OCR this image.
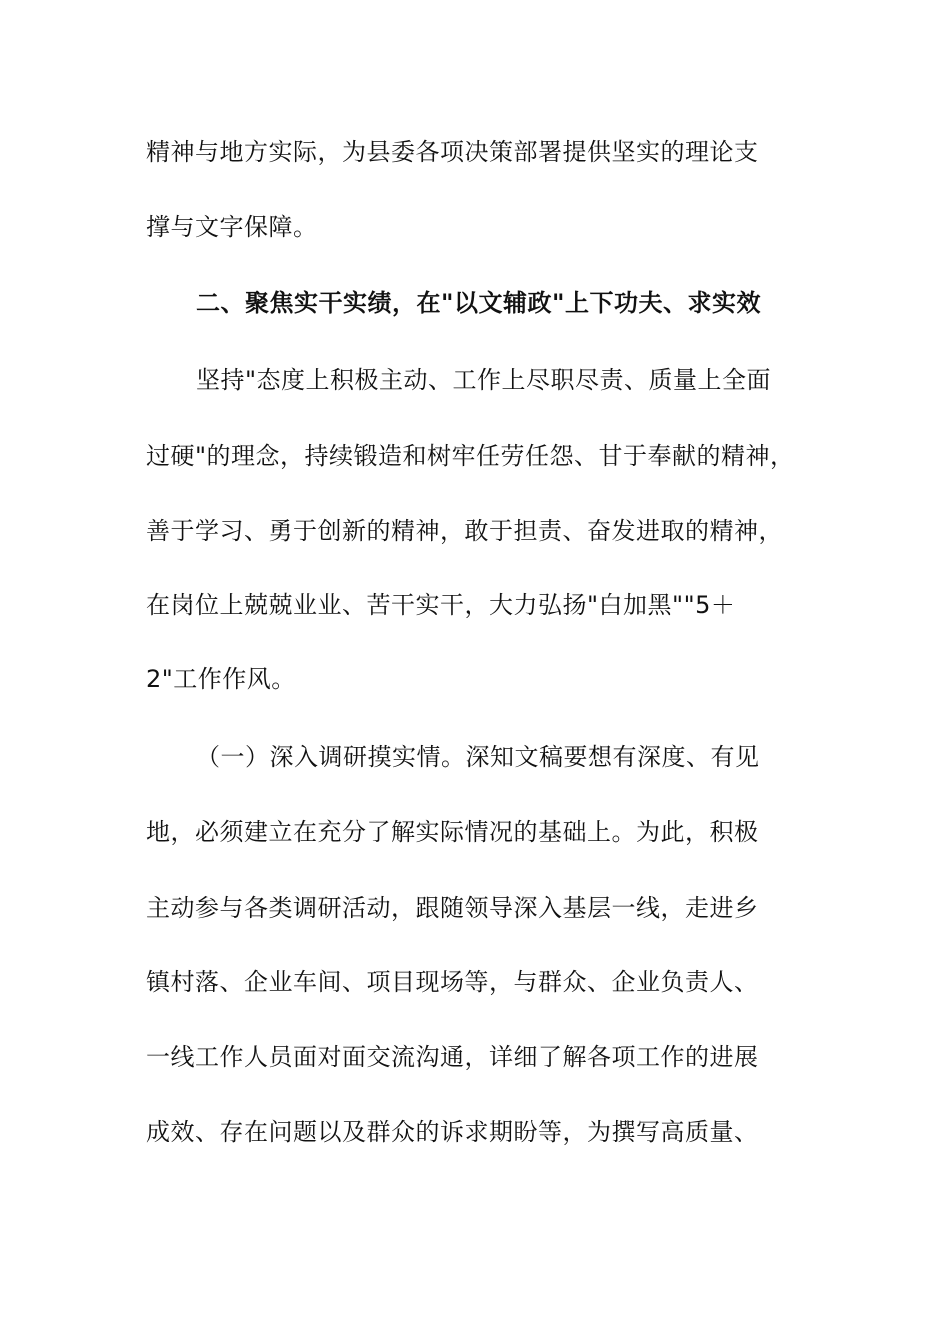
精神与地方实际，为县委各项决策部署提供坚实的理论支
撑与文字保障。
二、聚焦实干实绩，在"以文辅政"上下功夫、求实效
坚持"态度上积极主动、工作上尽职尽责、质量上全面
过硬"的理念，持续锻造和树牢任劳任怨、甘于奉献的精神，
善于学习、勇于创新的精神，敢于担责、奋发进取的精神，
在岗位上兢兢业业、苦干实干，大力弘扬"白加黑""5＋
2"工作作风。
（一）深入调研摸实情。深知文稿要想有深度、有见
地，必须建立在充分了解实际情况的基础上。为此，积极
主动参与各类调研活动，跟随领导深入基层一线，走进乡
镇村落、企业车间、项目现场等，与群众、企业负责人、
一线工作人员面对面交流沟通，详细了解各项工作的进展
成效、存在问题以及群众的诉求期盼等，为撰写高质量、
